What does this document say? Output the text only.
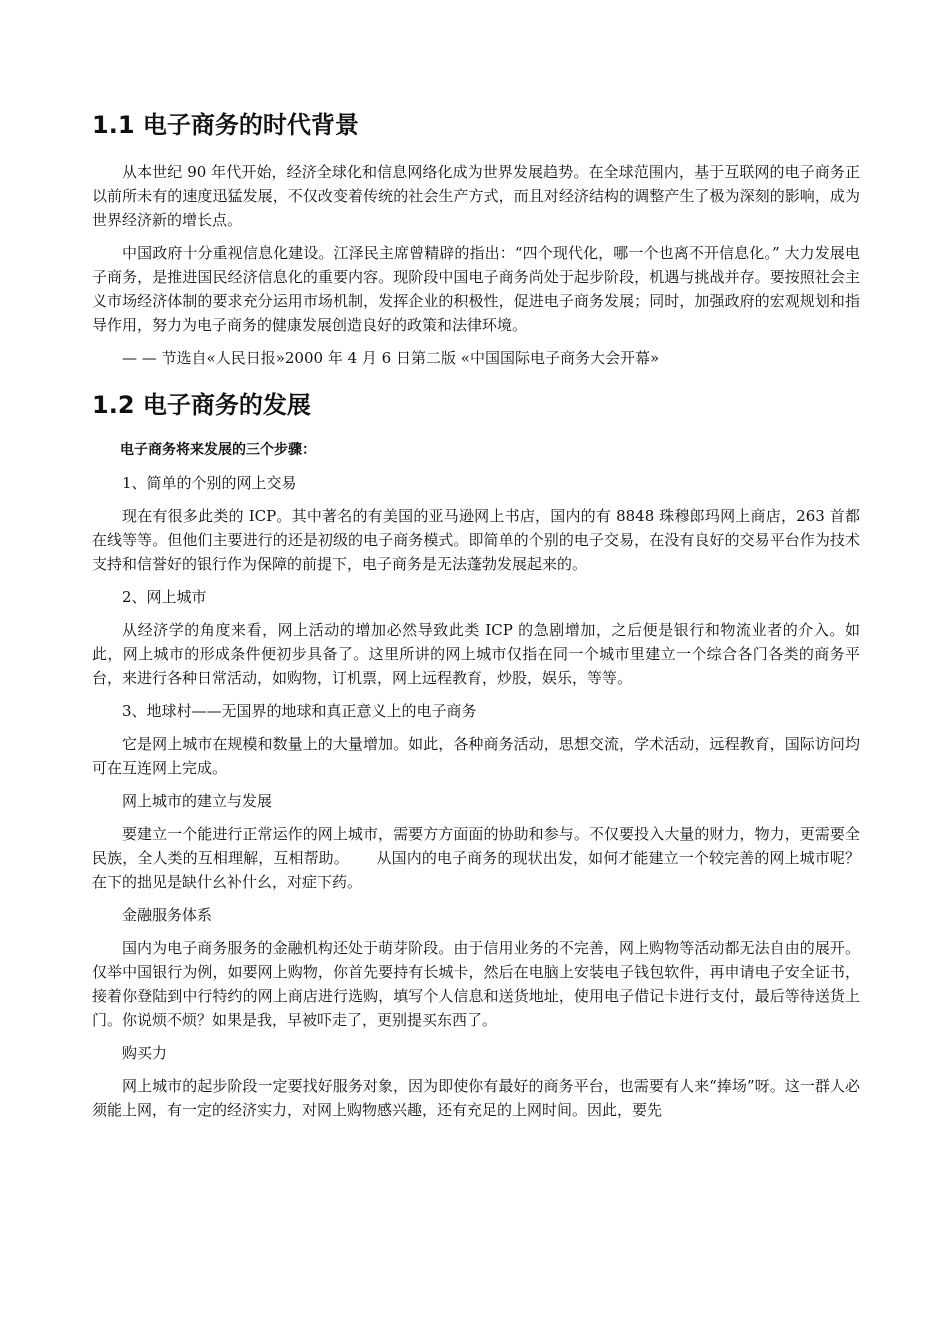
1.1 电子商务的时代背景

从本世纪 90 年代开始，经济全球化和信息网络化成为世界发展趋势。在全球范围内，基于互联网的电子商务正以前所未有的速度迅猛发展，不仅改变着传统的社会生产方式，而且对经济结构的调整产生了极为深刻的影响，成为世界经济新的增长点。

中国政府十分重视信息化建设。江泽民主席曾精辟的指出：“四个现代化，哪一个也离不开信息化。” 大力发展电子商务，是推进国民经济信息化的重要内容。现阶段中国电子商务尚处于起步阶段，机遇与挑战并存。要按照社会主义市场经济体制的要求充分运用市场机制，发挥企业的积极性，促进电子商务发展；同时，加强政府的宏观规划和指导作用，努力为电子商务的健康发展创造良好的政策和法律环境。

— — 节选自«人民日报»2000 年 4 月 6 日第二版 «中国国际电子商务大会开幕»

1.2 电子商务的发展

电子商务将来发展的三个步骤：

1、简单的个别的网上交易

现在有很多此类的 ICP。其中著名的有美国的亚马逊网上书店，国内的有 8848 珠穆郎玛网上商店，263 首都在线等等。但他们主要进行的还是初级的电子商务模式。即简单的个别的电子交易，在没有良好的交易平台作为技术支持和信誉好的银行作为保障的前提下，电子商务是无法蓬勃发展起来的。

2、网上城市

从经济学的角度来看，网上活动的增加必然导致此类 ICP 的急剧增加，之后便是银行和物流业者的介入。如此，网上城市的形成条件便初步具备了。这里所讲的网上城市仅指在同一个城市里建立一个综合各门各类的商务平台，来进行各种日常活动，如购物，订机票，网上远程教育，炒股，娱乐，等等。

3、地球村——无国界的地球和真正意义上的电子商务

它是网上城市在规模和数量上的大量增加。如此，各种商务活动，思想交流，学术活动，远程教育，国际访问均可在互连网上完成。

网上城市的建立与发展

要建立一个能进行正常运作的网上城市，需要方方面面的协助和参与。不仅要投入大量的财力，物力，更需要全民族，全人类的互相理解，互相帮助。　　 从国内的电子商务的现状出发，如何才能建立一个较完善的网上城市呢？在下的拙见是缺什幺补什幺，对症下药。

金融服务体系

国内为电子商务服务的金融机构还处于萌芽阶段。由于信用业务的不完善，网上购物等活动都无法自由的展开。仅举中国银行为例，如要网上购物，你首先要持有长城卡，然后在电脑上安装电子钱包软件，再申请电子安全证书，接着你登陆到中行特约的网上商店进行选购，填写个人信息和送货地址，使用电子借记卡进行支付，最后等待送货上门。你说烦不烦？如果是我，早被吓走了，更别提买东西了。

购买力

网上城市的起步阶段一定要找好服务对象，因为即使你有最好的商务平台，也需要有人来“捧场”呀。这一群人必须能上网，有一定的经济实力，对网上购物感兴趣，还有充足的上网时间。因此，要先
